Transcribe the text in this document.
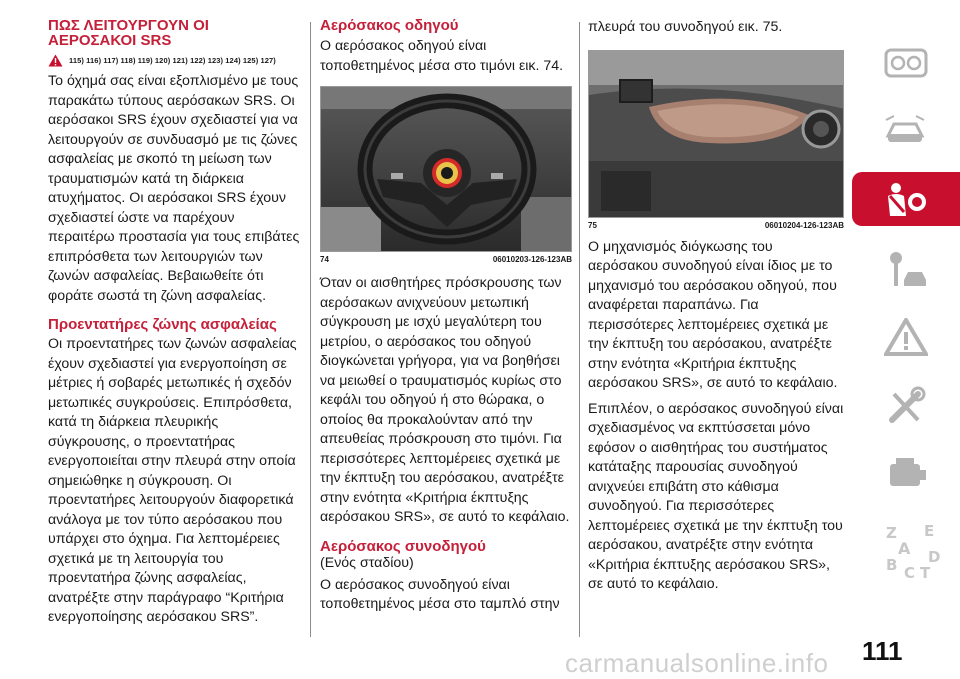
ΠΩΣ ΛΕΙΤΟΥΡΓΟΥΝ ΟΙ ΑΕΡΟΣΑΚΟΙ SRS
115) 116) 117) 118) 119) 120) 121) 122) 123) 124) 125) 127)

Το όχημά σας είναι εξοπλισμένο με τους παρακάτω τύπους αερόσακων SRS. Οι αερόσακοι SRS έχουν σχεδιαστεί για να λειτουργούν σε συνδυασμό με τις ζώνες ασφαλείας με σκοπό τη μείωση των τραυματισμών κατά τη διάρκεια ατυχήματος. Οι αερόσακοι SRS έχουν σχεδιαστεί ώστε να παρέχουν περαιτέρω προστασία για τους επιβάτες επιπρόσθετα των λειτουργιών των ζωνών ασφαλείας. Βεβαιωθείτε ότι φοράτε σωστά τη ζώνη ασφαλείας.

Προεντατήρες ζώνης ασφαλείας

Οι προεντατήρες των ζωνών ασφαλείας έχουν σχεδιαστεί για ενεργοποίηση σε μέτριες ή σοβαρές μετωπικές ή σχεδόν μετωπικές συγκρούσεις. Επιπρόσθετα, κατά τη διάρκεια πλευρικής σύγκρουσης, ο προεντατήρας ενεργοποιείται στην πλευρά στην οποία σημειώθηκε η σύγκρουση. Οι προεντατήρες λειτουργούν διαφορετικά ανάλογα με τον τύπο αερόσακου που υπάρχει στο όχημα. Για λεπτομέρειες σχετικά με τη λειτουργία του προεντατήρα ζώνης ασφαλείας, ανατρέξτε στην παράγραφο “Κριτήρια ενεργοποίησης αερόσακου SRS”.

Αερόσακος οδηγού

Ο αερόσακος οδηγού είναι τοποθετημένος μέσα στο τιμόνι εικ. 74.

74	06010203-126-123AB

Όταν οι αισθητήρες πρόσκρουσης των αερόσακων ανιχνεύουν μετωπική σύγκρουση με ισχύ μεγαλύτερη του μετρίου, ο αερόσακος του οδηγού διογκώνεται γρήγορα, για να βοηθήσει να μειωθεί ο τραυματισμός κυρίως στο κεφάλι του οδηγού ή στο θώρακα, ο οποίος θα προκαλούνταν από την απευθείας πρόσκρουση στο τιμόνι. Για περισσότερες λεπτομέρειες σχετικά με την έκπτυξη του αερόσακου, ανατρέξτε στην ενότητα «Κριτήρια έκπτυξης αερόσακου SRS», σε αυτό το κεφάλαιο.

Αερόσακος συνοδηγού

(Ενός σταδίου)

Ο αερόσακος συνοδηγού είναι τοποθετημένος μέσα στο ταμπλό στην

πλευρά του συνοδηγού εικ. 75.

75	06010204-126-123AB

Ο μηχανισμός διόγκωσης του αερόσακου συνοδηγού είναι ίδιος με το μηχανισμό του αερόσακου οδηγού, που αναφέρεται παραπάνω. Για περισσότερες λεπτομέρειες σχετικά με την έκπτυξη του αερόσακου, ανατρέξτε στην ενότητα «Κριτήρια έκπτυξης αερόσακου SRS», σε αυτό το κεφάλαιο.

Επιπλέον, ο αερόσακος συνοδηγού είναι σχεδιασμένος να εκπτύσσεται μόνο εφόσον ο αισθητήρας του συστήματος κατάταξης παρουσίας συνοδηγού ανιχνεύει επιβάτη στο κάθισμα συνοδηγού. Για περισσότερες λεπτομέρειες σχετικά με την έκπτυξη του αερόσακου, ανατρέξτε στην ενότητα «Κριτήρια έκπτυξης αερόσακου SRS», σε αυτό το κεφάλαιο.

Z E
A
B D
C T
111
carmanualsonline.info
